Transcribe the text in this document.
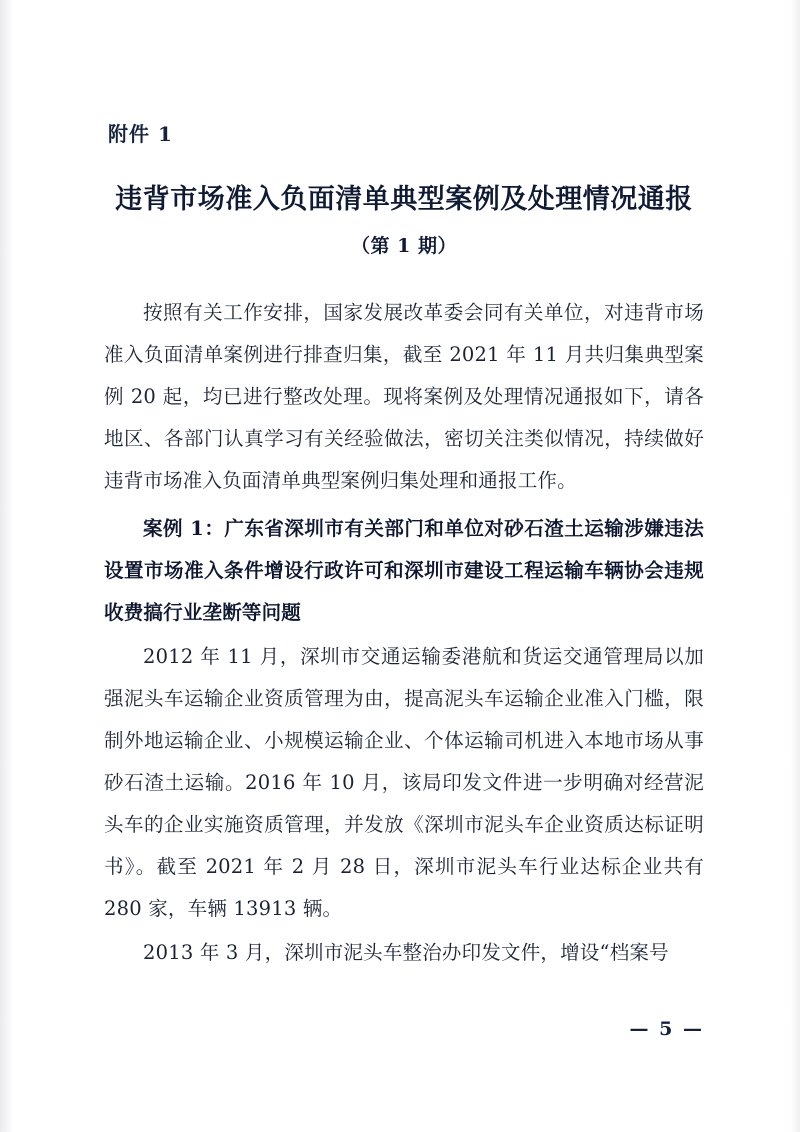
附件 1
违背市场准入负面清单典型案例及处理情况通报
（第 1 期）

按照有关工作安排，国家发展改革委会同有关单位，对违背市场准入负面清单案例进行排查归集，截至 2021 年 11 月共归集典型案例 20 起，均已进行整改处理。现将案例及处理情况通报如下，请各地区、各部门认真学习有关经验做法，密切关注类似情况，持续做好违背市场准入负面清单典型案例归集处理和通报工作。

案例 1：广东省深圳市有关部门和单位对砂石渣土运输涉嫌违法设置市场准入条件增设行政许可和深圳市建设工程运输车辆协会违规收费搞行业垄断等问题

2012 年 11 月，深圳市交通运输委港航和货运交通管理局以加强泥头车运输企业资质管理为由，提高泥头车运输企业准入门槛，限制外地运输企业、小规模运输企业、个体运输司机进入本地市场从事砂石渣土运输。2016 年 10 月，该局印发文件进一步明确对经营泥头车的企业实施资质管理，并发放《深圳市泥头车企业资质达标证明书》。截至 2021 年 2 月 28 日，深圳市泥头车行业达标企业共有 280 家，车辆 13913 辆。

2013 年 3 月，深圳市泥头车整治办印发文件，增设“档案号

— 5 —
